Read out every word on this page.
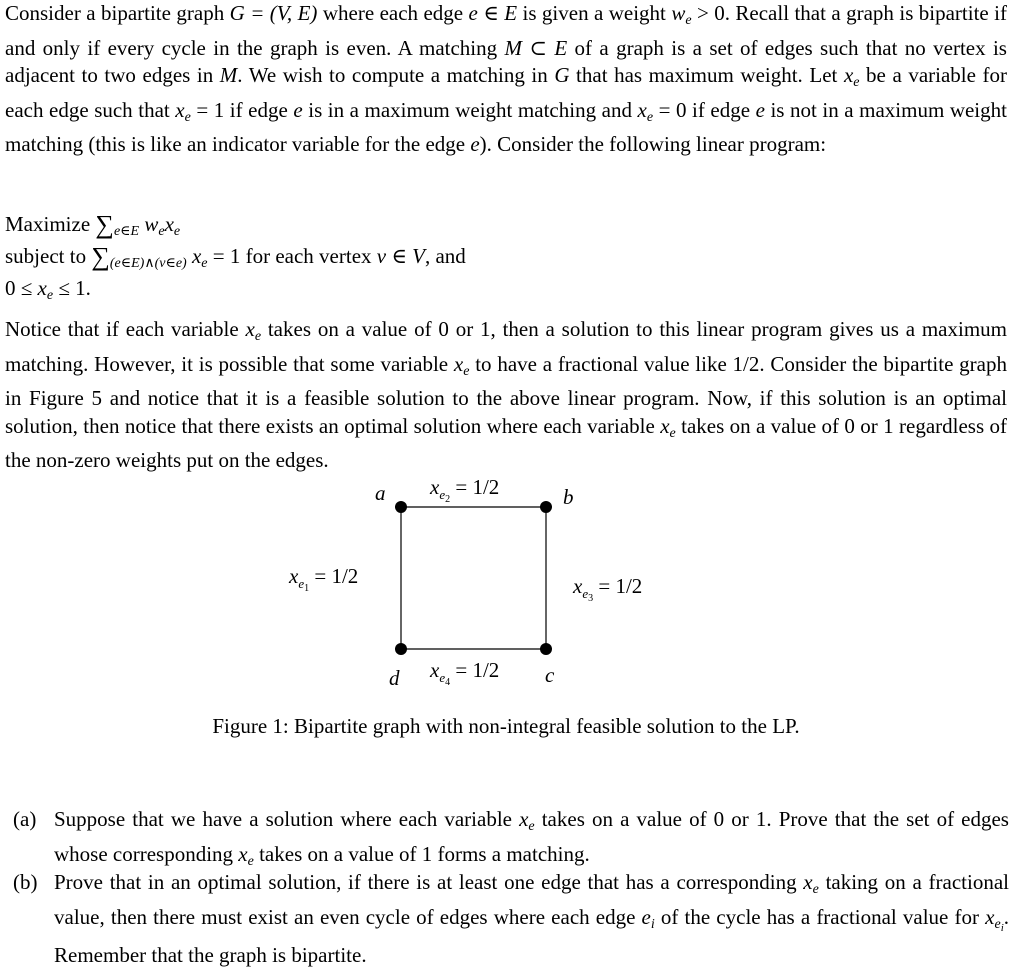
Consider a bipartite graph G = (V, E) where each edge e ∈ E is given a weight $w_e > 0$. Recall that a graph is bipartite if and only if every cycle in the graph is even. A matching M ⊂ E of a graph is a set of edges such that no vertex is adjacent to two edges in M. We wish to compute a matching in G that has maximum weight. Let $x_e$ be a variable for each edge such that $x_e = 1$ if edge e is in a maximum weight matching and $x_e = 0$ if edge e is not in a maximum weight matching (this is like an indicator variable for the edge e). Consider the following linear program:

Maximize $\sum_{e\in E}$ $w_ex_e$
subject to $\sum_{(e\in E)\wedge(v\in e)}$ $x_e = 1$ for each vertex v ∈ V, and
$0 \le x_e \le 1$.

Notice that if each variable $x_e$ takes on a value of 0 or 1, then a solution to this linear program gives us a maximum matching. However, it is possible that some variable $x_e$ to have a fractional value like 1/2. Consider the bipartite graph in Figure 5 and notice that it is a feasible solution to the above linear program. Now, if this solution is an optimal solution, then notice that there exists an optimal solution where each variable $x_e$ takes on a value of 0 or 1 regardless of the non-zero weights put on the edges.

a	b
c
d
$x_e2 = 1/2$
$x_e1 = 1/2$	$x_e3 = 1/2$
$x_e4 = 1/2$
Figure 1: Bipartite graph with non-integral feasible solution to the LP.
(a) Suppose that we have a solution where each variable $x_e$ takes on a value of 0 or 1. Prove that the set of edges whose corresponding $x_e$ takes on a value of 1 forms a matching.
(b) Prove that in an optimal solution, if there is at least one edge that has a corresponding $x_e$ taking on a fractional value, then there must exist an even cycle of edges where each edge $e_i$ of the cycle has a fractional value for $x_{ei}$. Remember that the graph is bipartite.
